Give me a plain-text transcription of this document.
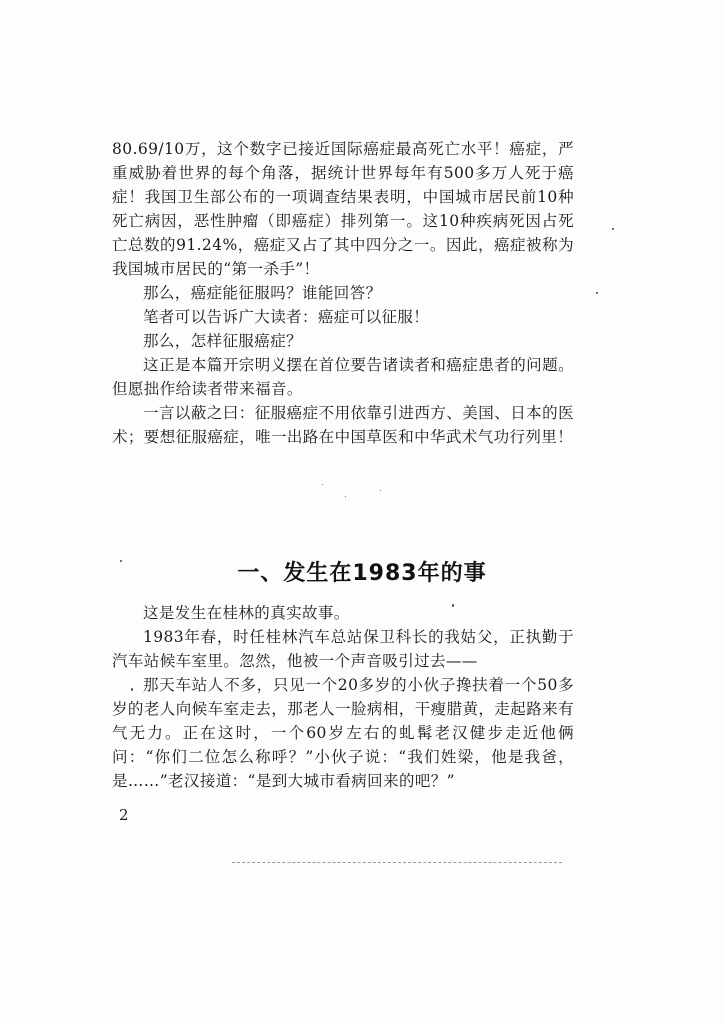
80.69/10万，这个数字已接近国际癌症最高死亡水平！癌症，严重威胁着世界的每个角落，据统计世界每年有500多万人死于癌症！我国卫生部公布的一项调查结果表明，中国城市居民前10种死亡病因，恶性肿瘤（即癌症）排列第一。这10种疾病死因占死亡总数的91.24%，癌症又占了其中四分之一。因此，癌症被称为我国城市居民的“第一杀手”！

那么，癌症能征服吗？谁能回答？

笔者可以告诉广大读者：癌症可以征服！

那么，怎样征服癌症？

这正是本篇开宗明义摆在首位要告诸读者和癌症患者的问题。但愿拙作给读者带来福音。

一言以蔽之曰：征服癌症不用依靠引进西方、美国、日本的医术；要想征服癌症，唯一出路在中国草医和中华武术气功行列里！

一、发生在1983年的事

这是发生在桂林的真实故事。

1983年春，时任桂林汽车总站保卫科长的我姑父，正执勤于汽车站候车室里。忽然，他被一个声音吸引过去——

那天车站人不多，只见一个20多岁的小伙子搀扶着一个50多岁的老人向候车室走去，那老人一脸病相，干瘦腊黄，走起路来有气无力。正在这时，一个60岁左右的虬髯老汉健步走近他俩问：“你们二位怎么称呼？”小伙子说：“我们姓梁，他是我爸，是……”老汉接道：“是到大城市看病回来的吧？”

2
